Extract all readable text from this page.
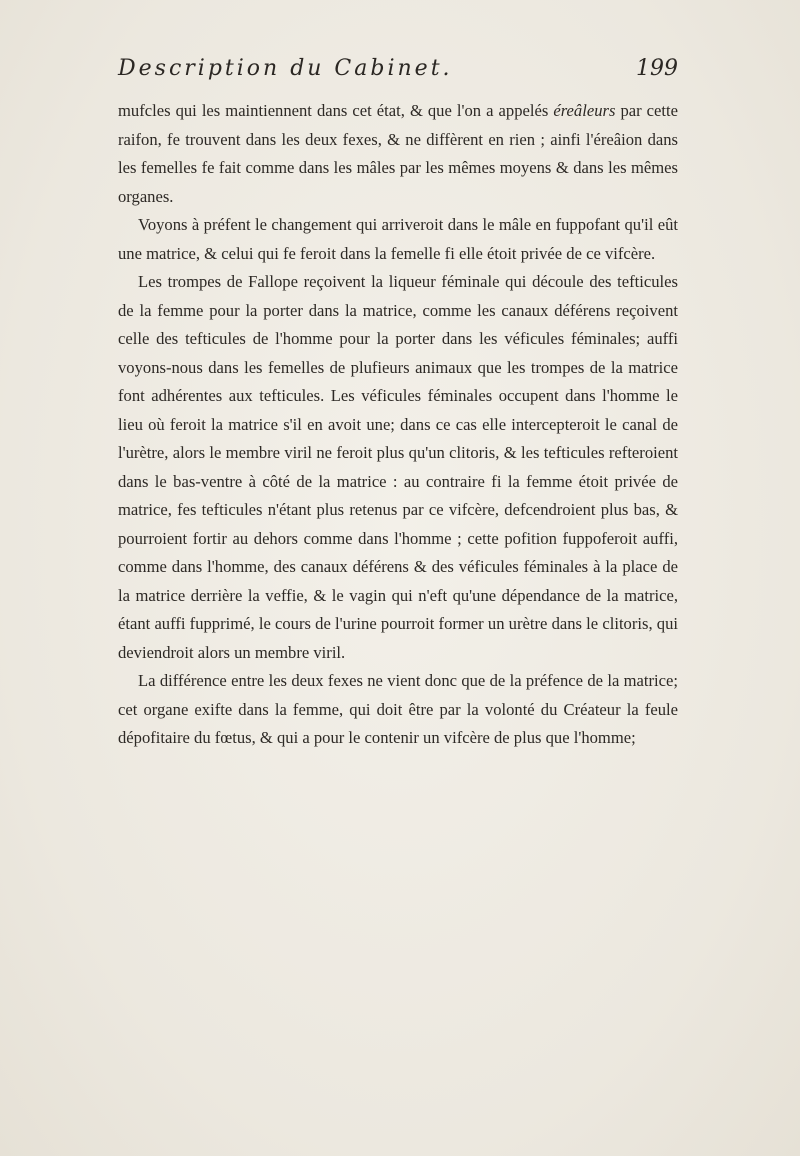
Description du Cabinet.	199

mufcles qui les maintiennent dans cet état, & que l'on a appelés éreâleurs par cette raifon, fe trouvent dans les deux fexes, & ne diffèrent en rien ; ainfi l'éreâion dans les femelles fe fait comme dans les mâles par les mêmes moyens & dans les mêmes organes.

Voyons à préfent le changement qui arriveroit dans le mâle en fuppofant qu'il eût une matrice, & celui qui fe feroit dans la femelle fi elle étoit privée de ce vifcère.

Les trompes de Fallope reçoivent la liqueur féminale qui découle des tefticules de la femme pour la porter dans la matrice, comme les canaux déférens reçoivent celle des tefticules de l'homme pour la porter dans les véficules féminales; auffi voyons-nous dans les femelles de plufieurs animaux que les trompes de la matrice font adhérentes aux tefticules. Les véficules féminales occupent dans l'homme le lieu où feroit la matrice s'il en avoit une; dans ce cas elle intercepteroit le canal de l'urètre, alors le membre viril ne feroit plus qu'un clitoris, & les tefticules refteroient dans le bas-ventre à côté de la matrice : au contraire fi la femme étoit privée de matrice, fes tefticules n'étant plus retenus par ce vifcère, defcendroient plus bas, & pourroient fortir au dehors comme dans l'homme ; cette pofition fuppoferoit auffi, comme dans l'homme, des canaux déférens & des véficules féminales à la place de la matrice derrière la veffie, & le vagin qui n'eft qu'une dépendance de la matrice, étant auffi fupprimé, le cours de l'urine pourroit former un urètre dans le clitoris, qui deviendroit alors un membre viril.

La différence entre les deux fexes ne vient donc que de la préfence de la matrice; cet organe exifte dans la femme, qui doit être par la volonté du Créateur la feule dépofitaire du fœtus, & qui a pour le contenir un vifcère de plus que l'homme;
